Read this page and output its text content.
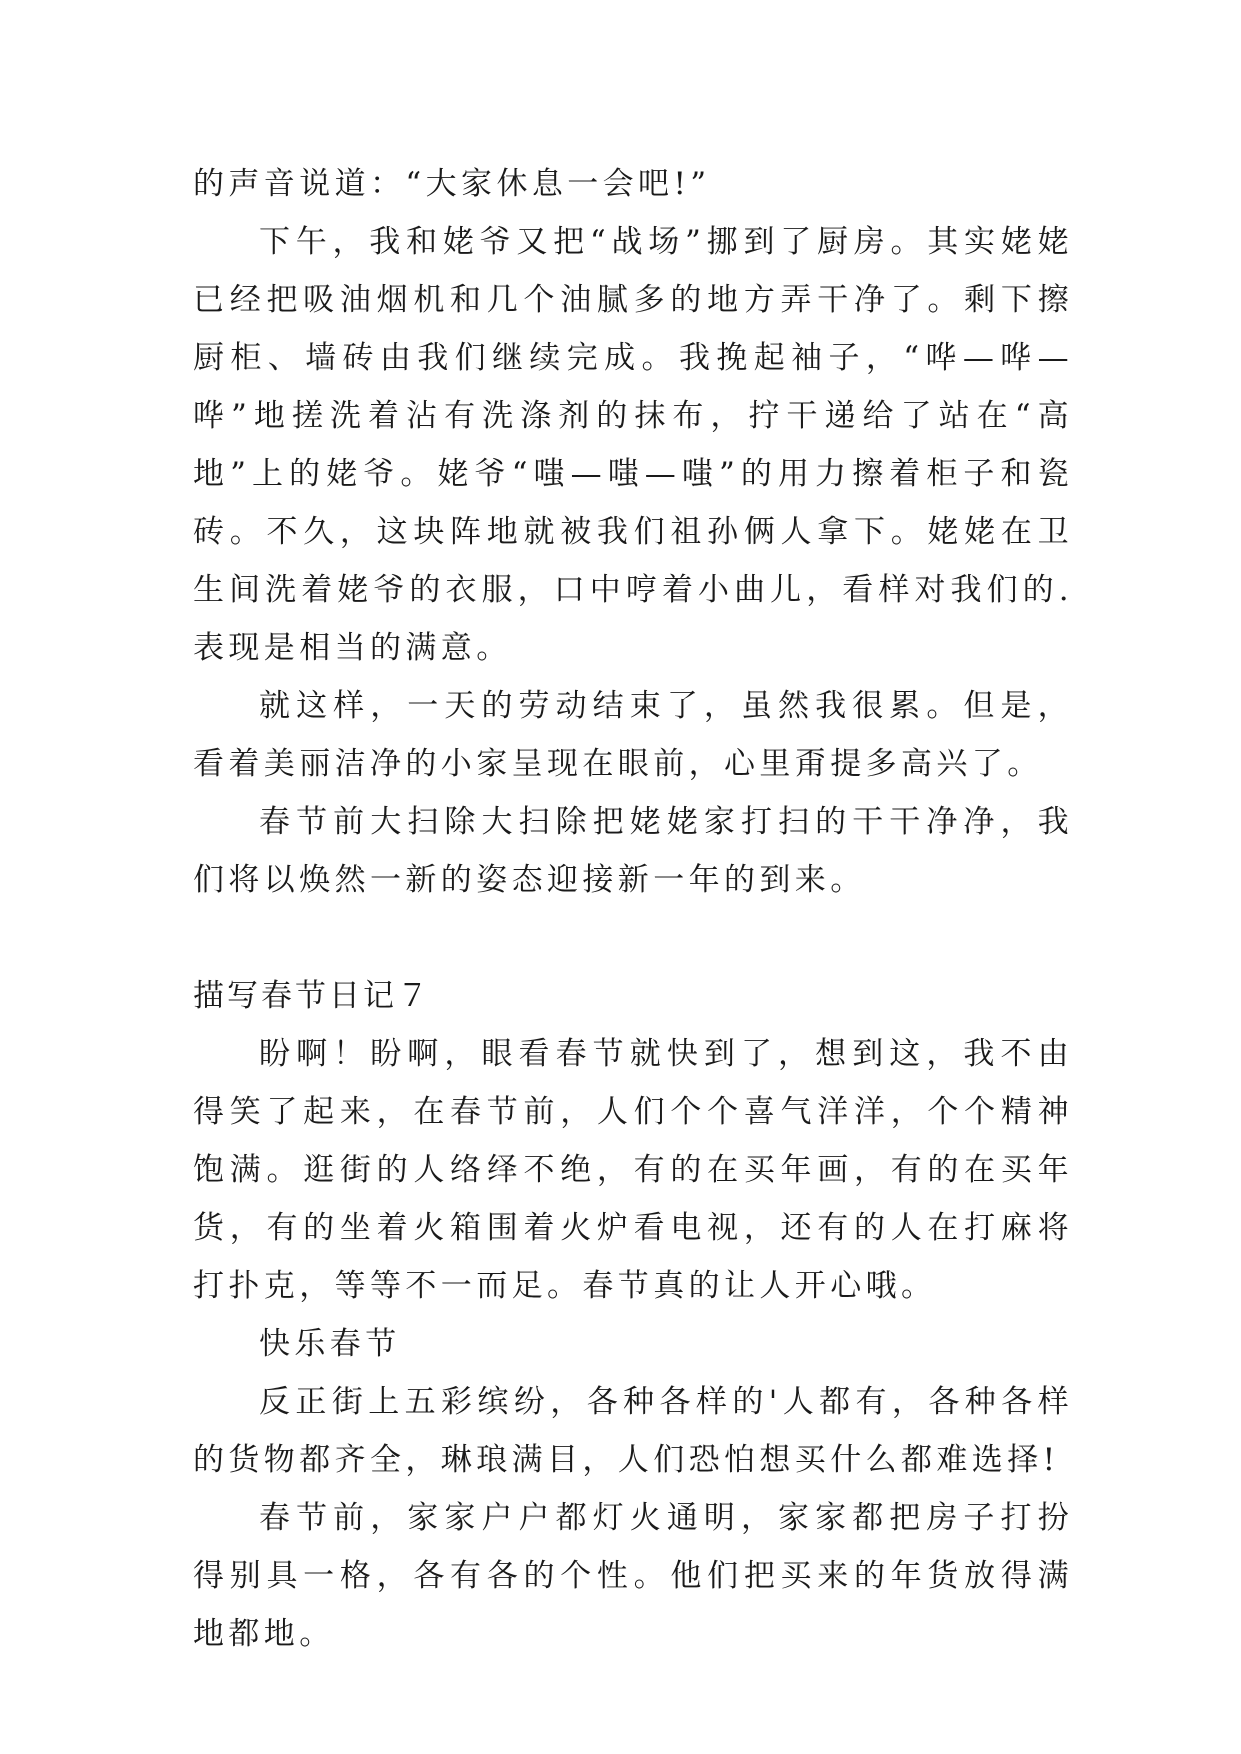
的声音说道：“大家休息一会吧!”

下午，我和姥爷又把“战场”挪到了厨房。其实姥姥已经把吸油烟机和几个油腻多的地方弄干净了。剩下擦厨柜、墙砖由我们继续完成。我挽起袖子，“哗—哗—哗”地搓洗着沾有洗涤剂的抹布，拧干递给了站在“高地”上的姥爷。姥爷“嗤—嗤—嗤”的用力擦着柜子和瓷砖。不久，这块阵地就被我们祖孙俩人拿下。姥姥在卫生间洗着姥爷的衣服，口中哼着小曲儿，看样对我们的.表现是相当的满意。

就这样，一天的劳动结束了，虽然我很累。但是，看着美丽洁净的小家呈现在眼前，心里甭提多高兴了。

春节前大扫除大扫除把姥姥家打扫的干干净净，我们将以焕然一新的姿态迎接新一年的到来。

描写春节日记７

盼啊！盼啊，眼看春节就快到了，想到这，我不由得笑了起来，在春节前，人们个个喜气洋洋，个个精神饱满。逛街的人络绎不绝，有的在买年画，有的在买年货，有的坐着火箱围着火炉看电视，还有的人在打麻将打扑克，等等不一而足。春节真的让人开心哦。

快乐春节

反正街上五彩缤纷，各种各样的'人都有，各种各样的货物都齐全，琳琅满目，人们恐怕想买什么都难选择!

春节前，家家户户都灯火通明，家家都把房子打扮得别具一格，各有各的个性。他们把买来的年货放得满地都地。
